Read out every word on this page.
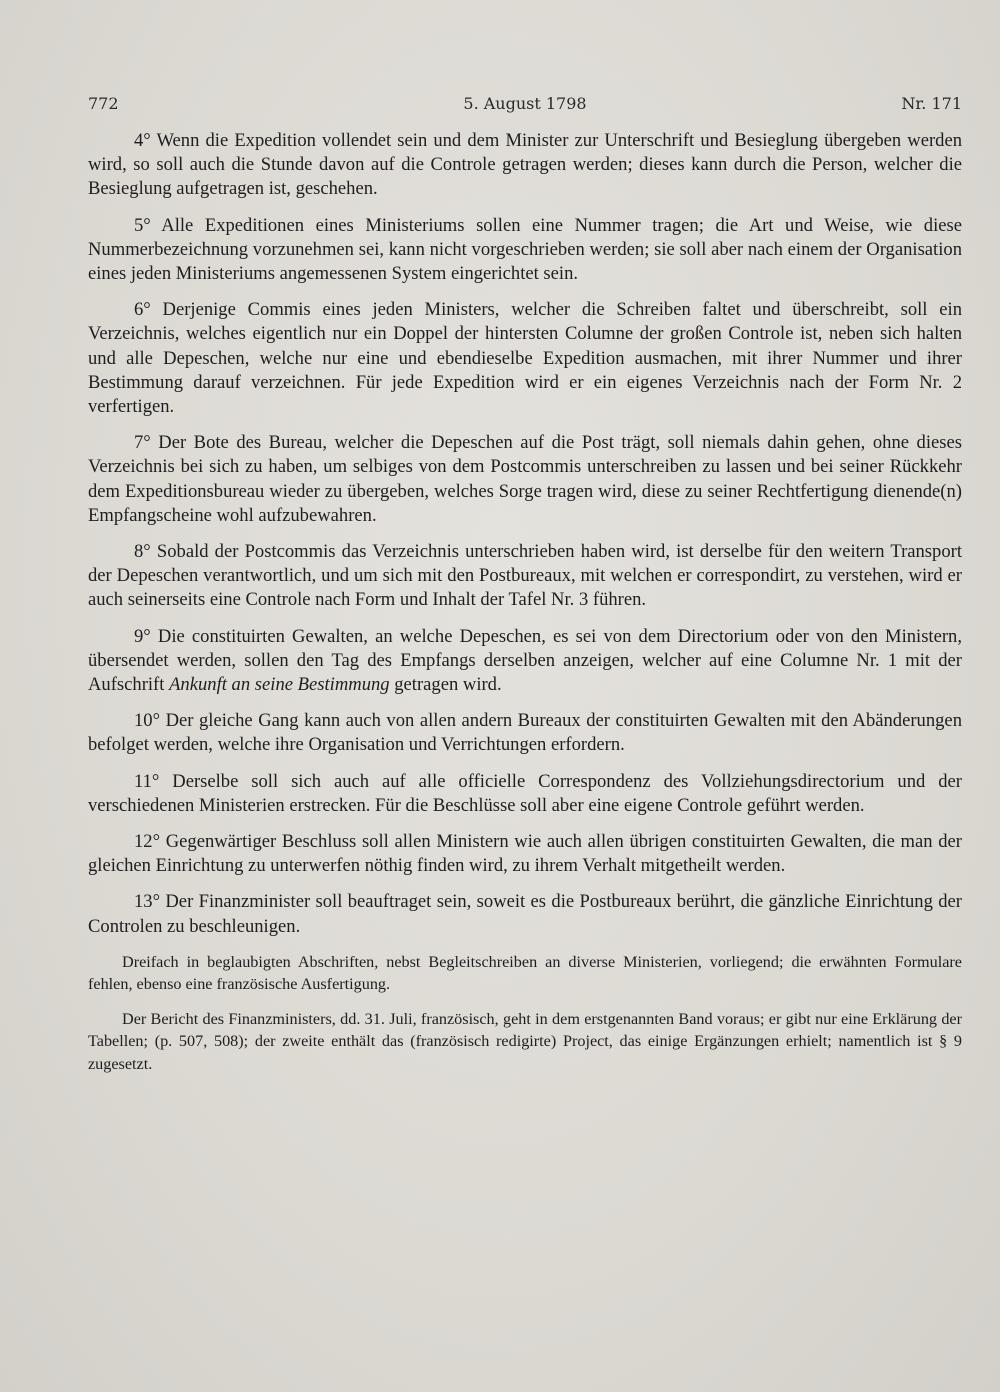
772	5. August 1798	Nr. 171

4° Wenn die Expedition vollendet sein und dem Minister zur Unterschrift und Besieglung übergeben werden wird, so soll auch die Stunde davon auf die Controle getragen werden; dieses kann durch die Person, welcher die Besieglung aufgetragen ist, geschehen.

5° Alle Expeditionen eines Ministeriums sollen eine Nummer tragen; die Art und Weise, wie diese Nummerbezeichnung vorzunehmen sei, kann nicht vorgeschrieben werden; sie soll aber nach einem der Organisation eines jeden Ministeriums angemessenen System eingerichtet sein.

6° Derjenige Commis eines jeden Ministers, welcher die Schreiben faltet und überschreibt, soll ein Verzeichnis, welches eigentlich nur ein Doppel der hintersten Columne der großen Controle ist, neben sich halten und alle Depeschen, welche nur eine und ebendieselbe Expedition ausmachen, mit ihrer Nummer und ihrer Bestimmung darauf verzeichnen. Für jede Expedition wird er ein eigenes Verzeichnis nach der Form Nr. 2 verfertigen.

7° Der Bote des Bureau, welcher die Depeschen auf die Post trägt, soll niemals dahin gehen, ohne dieses Verzeichnis bei sich zu haben, um selbiges von dem Postcommis unterschreiben zu lassen und bei seiner Rückkehr dem Expeditionsbureau wieder zu übergeben, welches Sorge tragen wird, diese zu seiner Rechtfertigung dienende(n) Empfangscheine wohl aufzubewahren.

8° Sobald der Postcommis das Verzeichnis unterschrieben haben wird, ist derselbe für den weitern Transport der Depeschen verantwortlich, und um sich mit den Postbureaux, mit welchen er correspondirt, zu verstehen, wird er auch seinerseits eine Controle nach Form und Inhalt der Tafel Nr. 3 führen.

9° Die constituirten Gewalten, an welche Depeschen, es sei von dem Directorium oder von den Ministern, übersendet werden, sollen den Tag des Empfangs derselben anzeigen, welcher auf eine Columne Nr. 1 mit der Aufschrift Ankunft an seine Bestimmung getragen wird.

10° Der gleiche Gang kann auch von allen andern Bureaux der constituirten Gewalten mit den Abänderungen befolget werden, welche ihre Organisation und Verrichtungen erfordern.

11° Derselbe soll sich auch auf alle officielle Correspondenz des Vollziehungsdirectorium und der verschiedenen Ministerien erstrecken. Für die Beschlüsse soll aber eine eigene Controle geführt werden.

12° Gegenwärtiger Beschluss soll allen Ministern wie auch allen übrigen constituirten Gewalten, die man der gleichen Einrichtung zu unterwerfen nöthig finden wird, zu ihrem Verhalt mitgetheilt werden.

13° Der Finanzminister soll beauftraget sein, soweit es die Postbureaux berührt, die gänzliche Einrichtung der Controlen zu beschleunigen.

Dreifach in beglaubigten Abschriften, nebst Begleitschreiben an diverse Ministerien, vorliegend; die erwähnten Formulare fehlen, ebenso eine französische Ausfertigung.

Der Bericht des Finanzministers, dd. 31. Juli, französisch, geht in dem erstgenannten Band voraus; er gibt nur eine Erklärung der Tabellen; (p. 507, 508); der zweite enthält das (französisch redigirte) Project, das einige Ergänzungen erhielt; namentlich ist § 9 zugesetzt.
